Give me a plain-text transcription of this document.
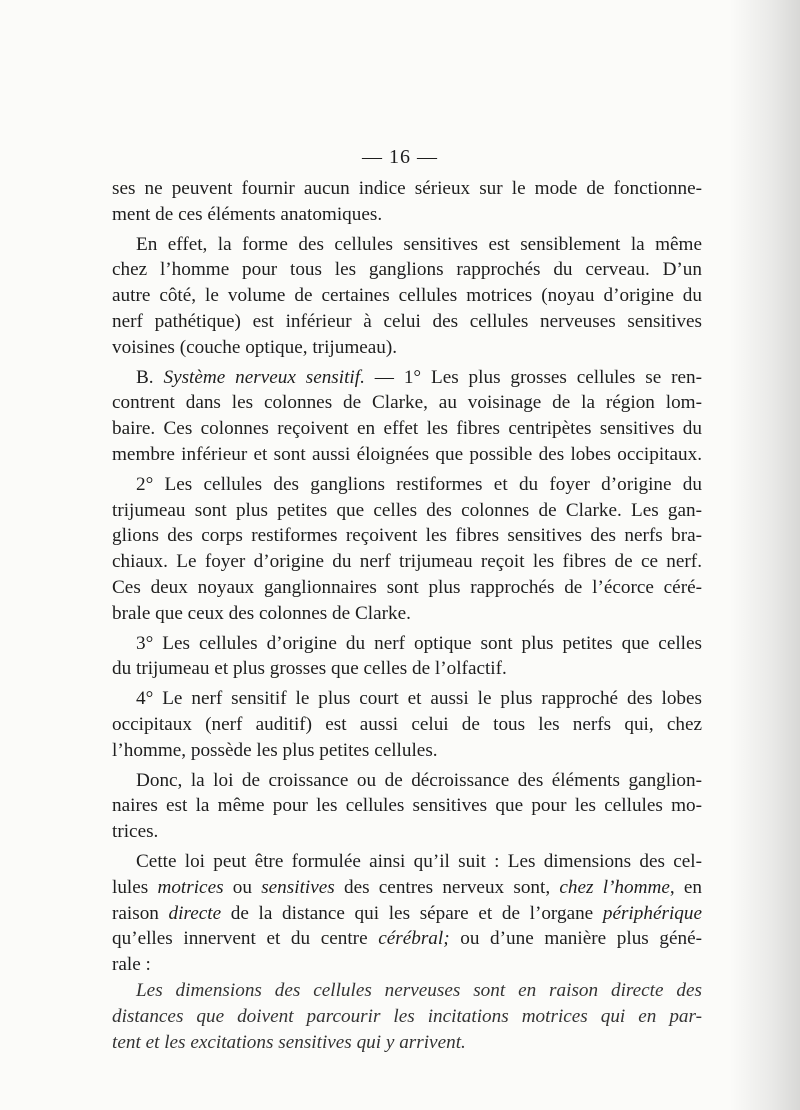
— 16 —
ses ne peuvent fournir aucun indice sérieux sur le mode de fonctionne-
ment de ces éléments anatomiques.
En effet, la forme des cellules sensitives est sensiblement la même
chez l’homme pour tous les ganglions rapprochés du cerveau. D’un
autre côté, le volume de certaines cellules motrices (noyau d’origine du
nerf pathétique) est inférieur à celui des cellules nerveuses sensitives
voisines (couche optique, trijumeau).
B. Système nerveux sensitif. — 1° Les plus grosses cellules se ren-
contrent dans les colonnes de Clarke, au voisinage de la région lom-
baire. Ces colonnes reçoivent en effet les fibres centripètes sensitives du
membre inférieur et sont aussi éloignées que possible des lobes occipitaux.
2° Les cellules des ganglions restiformes et du foyer d’origine du
trijumeau sont plus petites que celles des colonnes de Clarke. Les gan-
glions des corps restiformes reçoivent les fibres sensitives des nerfs bra-
chiaux. Le foyer d’origine du nerf trijumeau reçoit les fibres de ce nerf.
Ces deux noyaux ganglionnaires sont plus rapprochés de l’écorce céré-
brale que ceux des colonnes de Clarke.
3° Les cellules d’origine du nerf optique sont plus petites que celles
du trijumeau et plus grosses que celles de l’olfactif.
4° Le nerf sensitif le plus court et aussi le plus rapproché des lobes
occipitaux (nerf auditif) est aussi celui de tous les nerfs qui, chez
l’homme, possède les plus petites cellules.
Donc, la loi de croissance ou de décroissance des éléments ganglion-
naires est la même pour les cellules sensitives que pour les cellules mo-
trices.
Cette loi peut être formulée ainsi qu’il suit : Les dimensions des cel-
lules motrices ou sensitives des centres nerveux sont, chez l’homme, en
raison directe de la distance qui les sépare et de l’organe périphérique
qu’elles innervent et du centre cérébral; ou d’une manière plus géné-
rale :
Les dimensions des cellules nerveuses sont en raison directe des
distances que doivent parcourir les incitations motrices qui en par-
tent et les excitations sensitives qui y arrivent.
